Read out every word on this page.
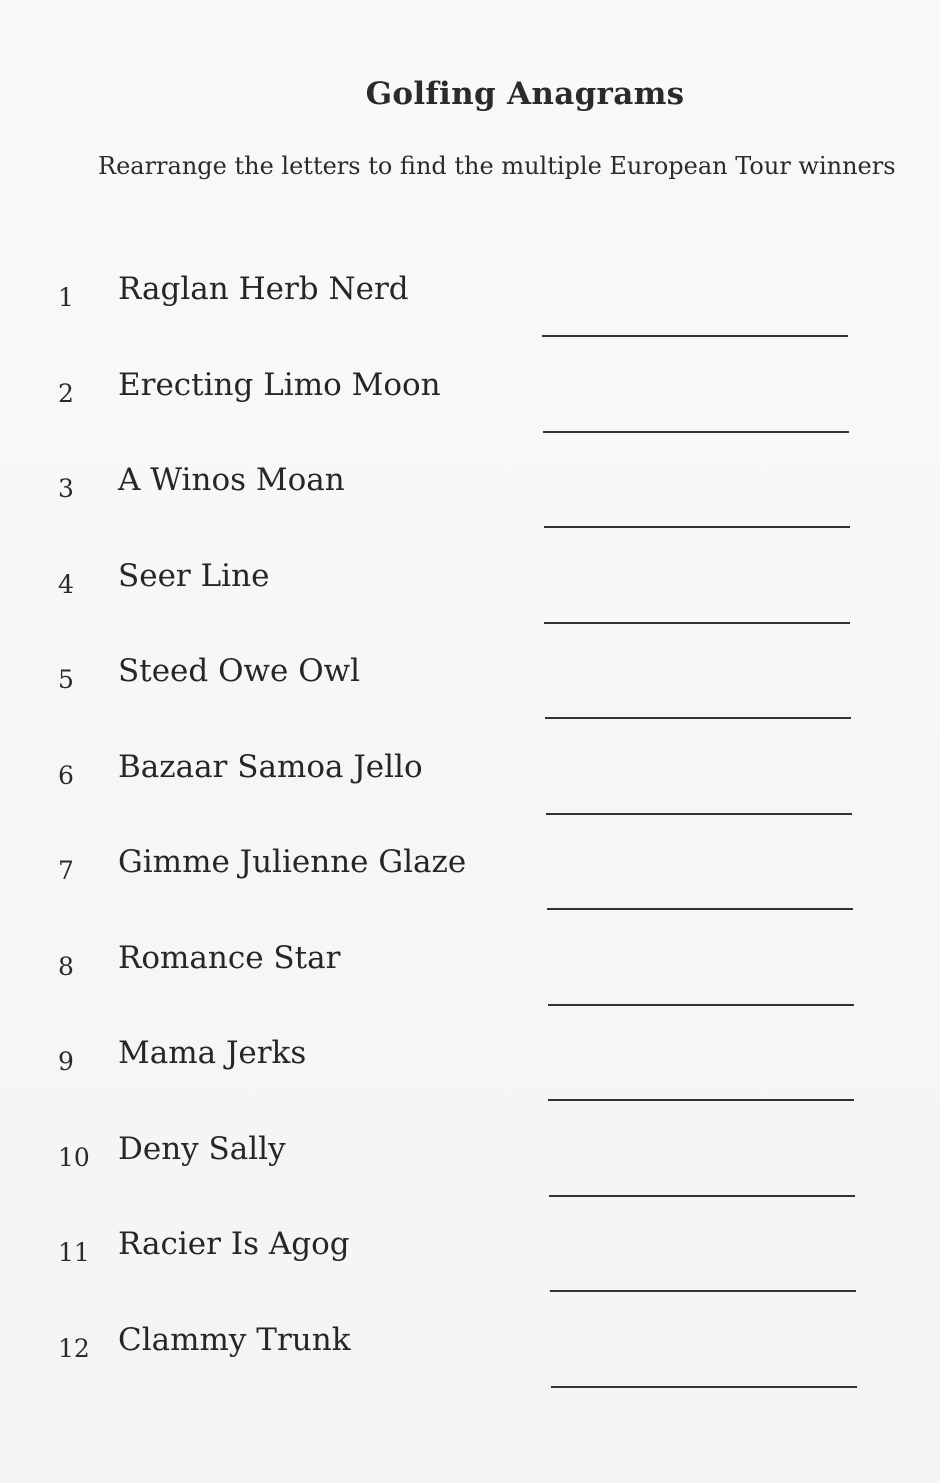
Golfing Anagrams
Rearrange the letters to find the multiple European Tour winners
1 Raglan Herb Nerd
2 Erecting Limo Moon
3 A Winos Moan
4 Seer Line
5 Steed Owe Owl
6 Bazaar Samoa Jello
7 Gimme Julienne Glaze
8 Romance Star
9 Mama Jerks
10 Deny Sally
11 Racier Is Agog
12 Clammy Trunk
